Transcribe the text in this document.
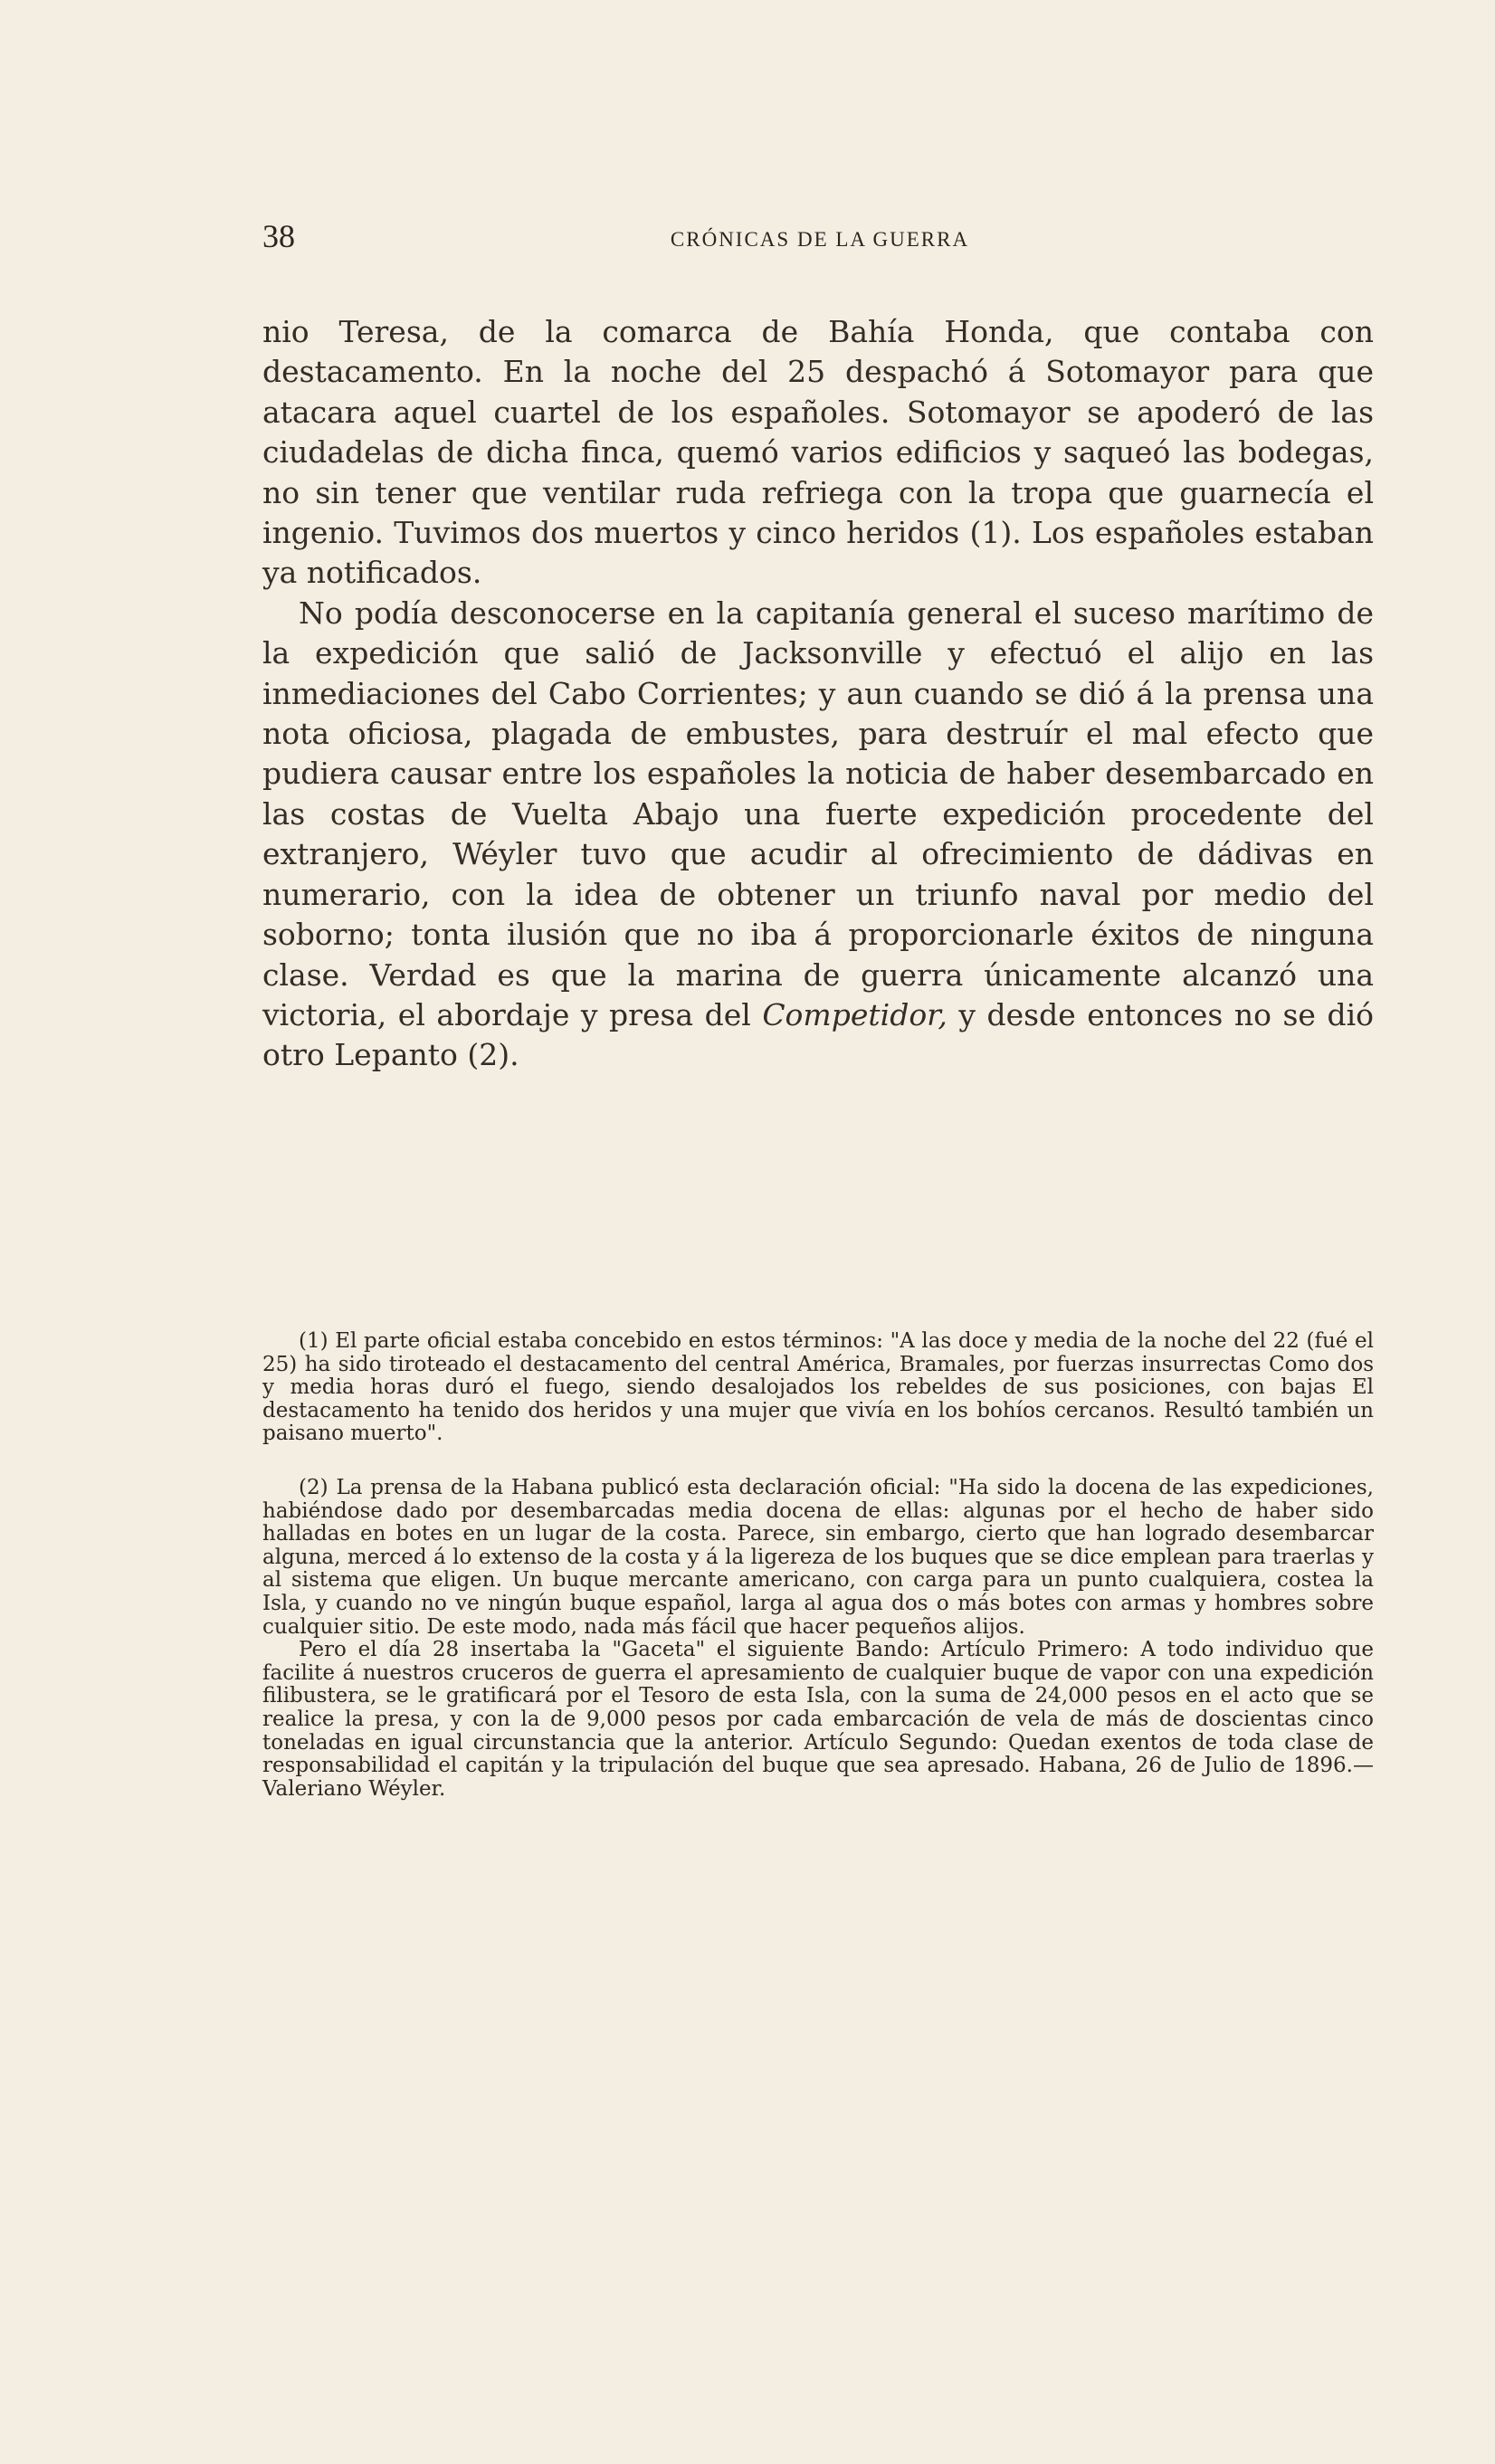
38	CRÓNICAS DE LA GUERRA

nio Teresa, de la comarca de Bahía Honda, que contaba con destacamento. En la noche del 25 despachó á Sotomayor para que atacara aquel cuartel de los españoles. Sotomayor se apoderó de las ciudadelas de dicha finca, quemó varios edificios y saqueó las bodegas, no sin tener que ventilar ruda refriega con la tropa que guarnecía el ingenio. Tuvimos dos muertos y cinco heridos (1). Los españoles estaban ya notificados.

No podía desconocerse en la capitanía general el suceso marítimo de la expedición que salió de Jacksonville y efectuó el alijo en las inmediaciones del Cabo Corrientes; y aun cuando se dió á la prensa una nota oficiosa, plagada de embustes, para destruír el mal efecto que pudiera causar entre los españoles la noticia de haber desembarcado en las costas de Vuelta Abajo una fuerte expedición procedente del extranjero, Wéyler tuvo que acudir al ofrecimiento de dádivas en numerario, con la idea de obtener un triunfo naval por medio del soborno; tonta ilusión que no iba á proporcionarle éxitos de ninguna clase. Verdad es que la marina de guerra únicamente alcanzó una victoria, el abordaje y presa del Competidor, y desde entonces no se dió otro Lepanto (2).

(1) El parte oficial estaba concebido en estos términos: "A las doce y media de la noche del 22 (fué el 25) ha sido tiroteado el destacamento del central América, Bramales, por fuerzas insurrectas Como dos y media horas duró el fuego, siendo desalojados los rebeldes de sus posiciones, con bajas El destacamento ha tenido dos heridos y una mujer que vivía en los bohíos cercanos. Resultó también un paisano muerto".

(2) La prensa de la Habana publicó esta declaración oficial: "Ha sido la docena de las expediciones, habiéndose dado por desembarcadas media docena de ellas: algunas por el hecho de haber sido halladas en botes en un lugar de la costa. Parece, sin embargo, cierto que han logrado desembarcar alguna, merced á lo extenso de la costa y á la ligereza de los buques que se dice emplean para traerlas y al sistema que eligen. Un buque mercante americano, con carga para un punto cualquiera, costea la Isla, y cuando no ve ningún buque español, larga al agua dos o más botes con armas y hombres sobre cualquier sitio. De este modo, nada más fácil que hacer pequeños alijos.

Pero el día 28 insertaba la "Gaceta" el siguiente Bando: Artículo Primero: A todo individuo que facilite á nuestros cruceros de guerra el apresamiento de cualquier buque de vapor con una expedición filibustera, se le gratificará por el Tesoro de esta Isla, con la suma de 24,000 pesos en el acto que se realice la presa, y con la de 9,000 pesos por cada embarcación de vela de más de doscientas cinco toneladas en igual circunstancia que la anterior. Artículo Segundo: Quedan exentos de toda clase de responsabilidad el capitán y la tripulación del buque que sea apresado. Habana, 26 de Julio de 1896.—Valeriano Wéyler.
